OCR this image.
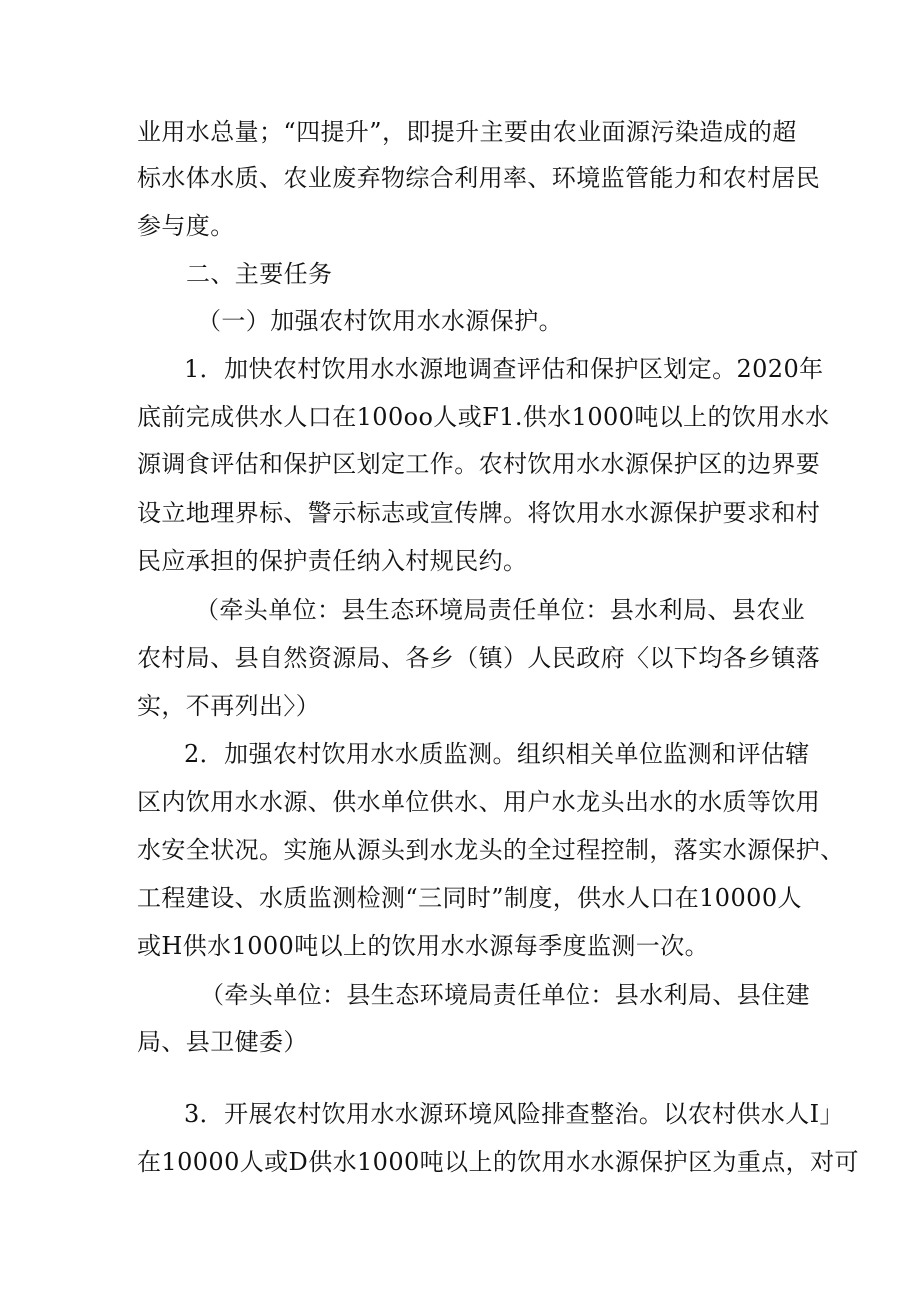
业用水总量；“四提升”，即提升主要由农业面源污染造成的超
标水体水质、农业废弃物综合利用率、环境监管能力和农村居民
参与度。
二、主要任务
（一）加强农村饮用水水源保护。
1．加快农村饮用水水源地调查评估和保护区划定。2020年
底前完成供水人口在100oo人或F1.供水1000吨以上的饮用水水
源调食评估和保护区划定工作。农村饮用水水源保护区的边界要
设立地理界标、警示标志或宣传牌。将饮用水水源保护要求和村
民应承担的保护责任纳入村规民约。
（牵头单位：县生态环境局责任单位：县水利局、县农业
农村局、县自然资源局、各乡（镇）人民政府〈以下均各乡镇落
实，不再列出〉）
2．加强农村饮用水水质监测。组织相关单位监测和评估辖
区内饮用水水源、供水单位供水、用户水龙头出水的水质等饮用
水安全状况。实施从源头到水龙头的全过程控制，落实水源保护、
工程建设、水质监测检测“三同时”制度，供水人口在10000人
或H供水1000吨以上的饮用水水源每季度监测一次。
（牵头单位：县生态环境局责任单位：县水利局、县住建
局、县卫健委）
3．开展农村饮用水水源环境风险排查整治。以农村供水人I」
在10000人或D供水1000吨以上的饮用水水源保护区为重点，对可
